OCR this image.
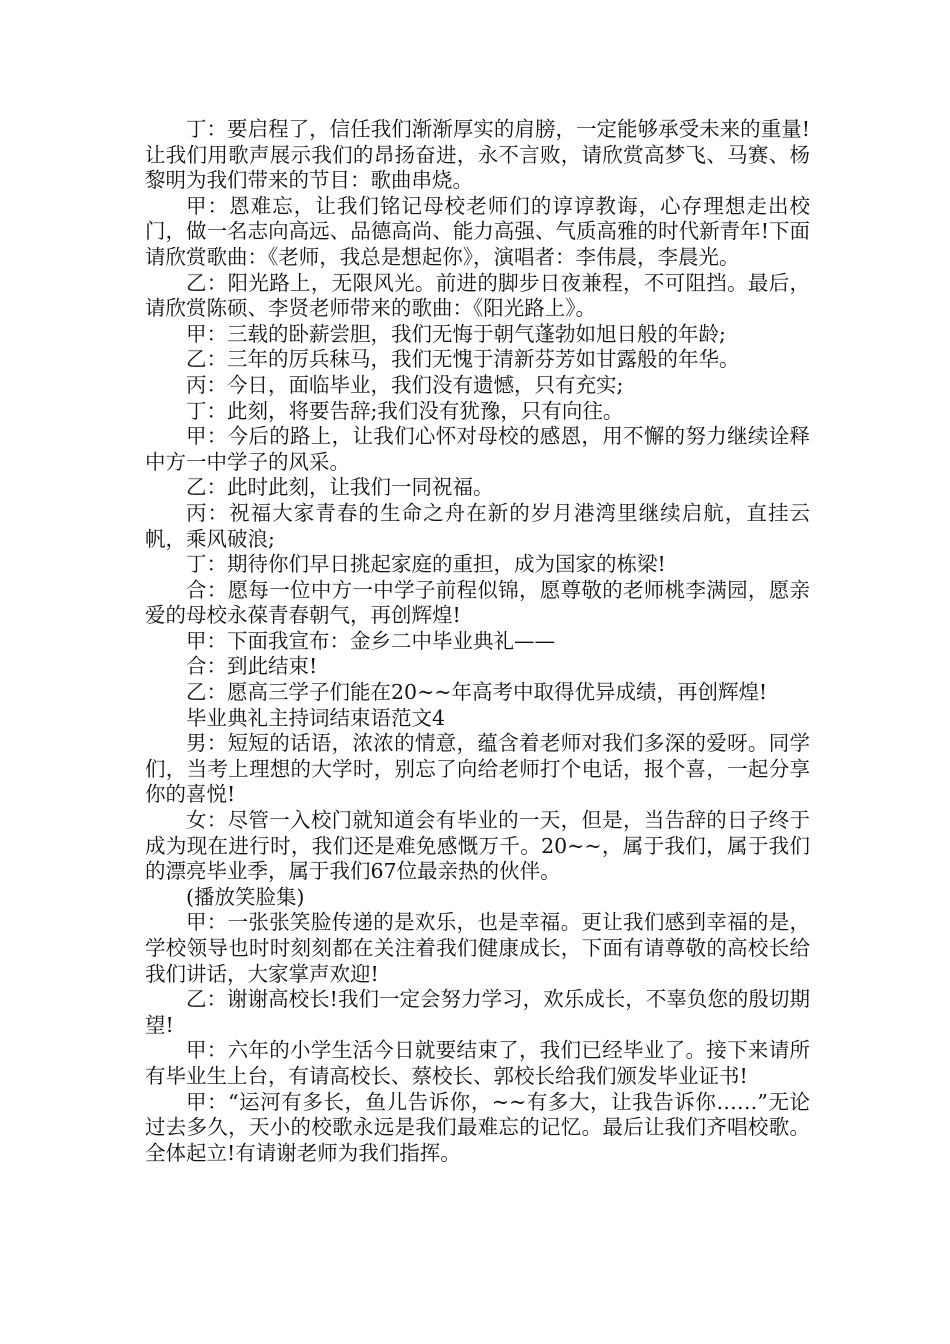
丁：要启程了，信任我们渐渐厚实的肩膀，一定能够承受未来的重量!让我们用歌声展示我们的昂扬奋进，永不言败，请欣赏高梦飞、马赛、杨黎明为我们带来的节目：歌曲串烧。

甲：恩难忘，让我们铭记母校老师们的谆谆教诲，心存理想走出校门，做一名志向高远、品德高尚、能力高强、气质高雅的时代新青年!下面请欣赏歌曲：《老师，我总是想起你》，演唱者：李伟晨，李晨光。

乙：阳光路上，无限风光。前进的脚步日夜兼程，不可阻挡。最后，请欣赏陈硕、李贤老师带来的歌曲：《阳光路上》。

甲：三载的卧薪尝胆，我们无悔于朝气蓬勃如旭日般的年龄;

乙：三年的厉兵秣马，我们无愧于清新芬芳如甘露般的年华。

丙：今日，面临毕业，我们没有遗憾，只有充实;

丁：此刻，将要告辞;我们没有犹豫，只有向往。

甲：今后的路上，让我们心怀对母校的感恩，用不懈的努力继续诠释中方一中学子的风采。

乙：此时此刻，让我们一同祝福。

丙：祝福大家青春的生命之舟在新的岁月港湾里继续启航，直挂云帆，乘风破浪;

丁：期待你们早日挑起家庭的重担，成为国家的栋梁!

合：愿每一位中方一中学子前程似锦，愿尊敬的老师桃李满园，愿亲爱的母校永葆青春朝气，再创辉煌!

甲：下面我宣布：金乡二中毕业典礼——

合：到此结束!

乙：愿高三学子们能在20~~年高考中取得优异成绩，再创辉煌!

毕业典礼主持词结束语范文4

男：短短的话语，浓浓的情意，蕴含着老师对我们多深的爱呀。同学们，当考上理想的大学时，别忘了向给老师打个电话，报个喜，一起分享你的喜悦!

女：尽管一入校门就知道会有毕业的一天，但是，当告辞的日子终于成为现在进行时，我们还是难免感慨万千。20~~，属于我们，属于我们的漂亮毕业季，属于我们67位最亲热的伙伴。

(播放笑脸集)

甲：一张张笑脸传递的是欢乐，也是幸福。更让我们感到幸福的是，学校领导也时时刻刻都在关注着我们健康成长，下面有请尊敬的高校长给我们讲话，大家掌声欢迎!

乙：谢谢高校长!我们一定会努力学习，欢乐成长，不辜负您的殷切期望!

甲：六年的小学生活今日就要结束了，我们已经毕业了。接下来请所有毕业生上台，有请高校长、蔡校长、郭校长给我们颁发毕业证书!

甲：“运河有多长，鱼儿告诉你，~~有多大，让我告诉你……”无论过去多久，天小的校歌永远是我们最难忘的记忆。最后让我们齐唱校歌。全体起立!有请谢老师为我们指挥。
